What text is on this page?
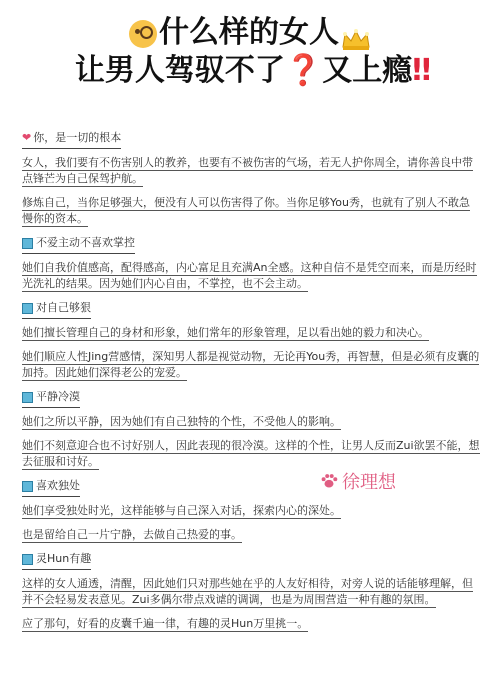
什么样的女人
让男人驾驭不了❓又上瘾‼
❤ 你，是一切的根本
女人，我们要有不伤害别人的教养，也要有不被伤害的气场，若无人护你周全，请你善良中带点锋芒为自己保驾护航。
修炼自己，当你足够强大，便没有人可以伤害得了你。当你足够You秀，也就有了别人不敢急慢你的资本。
不爱主动不喜欢掌控
她们自我价值感高，配得感高，内心富足且充满An全感。这种自信不是凭空而来，而是历经时光洗礼的结果。因为她们内心自由，不掌控，也不会主动。
对自己够狠
她们擅长管理自己的身材和形象，她们常年的形象管理，足以看出她的毅力和决心。
她们顺应人性Jing营感情，深知男人都是视觉动物，无论再You秀，再智慧，但是必须有皮囊的加持。因此她们深得老公的宠爱。
平静冷漠
她们之所以平静，因为她们有自己独特的个性，不受他人的影响。
她们不刻意迎合也不讨好别人，因此表现的很冷漠。这样的个性，让男人反而Zui欲罢不能，想去征服和讨好。
喜欢独处
她们享受独处时光，这样能够与自己深入对话，探索内心的深处。
也是留给自己一片宁静，去做自己热爱的事。
灵Hun有趣
这样的女人通透，清醒，因此她们只对那些她在乎的人友好相待，对旁人说的话能够理解，但并不会轻易发表意见。Zui多偶尔带点戏谑的调调，也是为周围营造一种有趣的氛围。
应了那句，好看的皮囊千遍一律，有趣的灵Hun万里挑一。
徐理想
